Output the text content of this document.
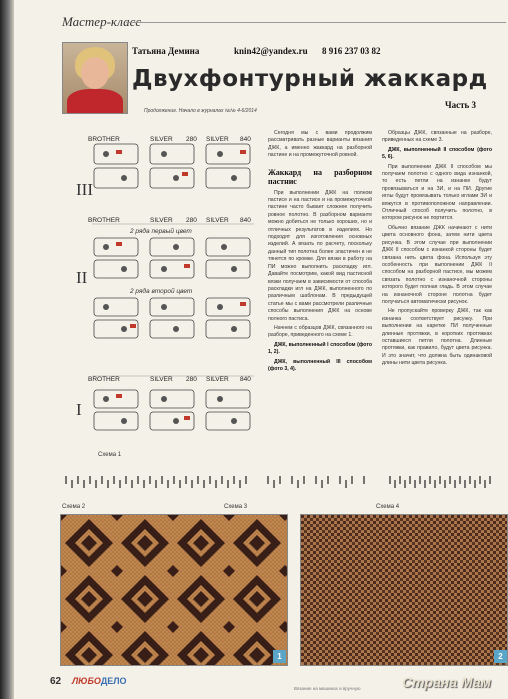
Мастер-класс
Татьяна Демина	knin42@yandex.ru 8 916 237 03 82
Двухфонтурный жаккард
Часть 3
Продолжение. Начало в журналах №№ 4-6/2014
BROTHER	SILVER 280 SILVER 840
III
BROTHER	SILVER 280 SILVER 840
2 ряда первый цвет
2 ряда второй цвет
II
BROTHER	SILVER 280 SILVER 840
I
Схема 1

Сегодня мы с вами продолжим рассматривать разные варианты вязания ДЖК, а именно жаккард на разборной пастине и на промежуточной ровной.

Жаккард на разборном пастнис

При выполнении ДЖК на полном пастисе и на пастисе и на промежуточной пастине часто бывает сложнее получить ровное полотно. В разборном варианте можно добиться не только хороших, но и отличных результатов в изделиях. Но подходят для изготовления основных изделий. А вязать по расчету, поскольку данный тип полотна более эластичен и не тянется по кромке. Для вязки в работу на ПИ можно выполнить раскладку игл. Давайте посмотрим, какой вид пастисной вязки получаем в зависимости от способа раскладки игл на ДЖК, выполненного по различным шаблонам. В предыдущей статье мы с вами рассмотрели различные способы выполнения ДЖК на основе полного пастиса.

Начнем с образцов ДЖК, связанного на разборе, приведенного на схеме 1.

ДЖК, выполненный I способом (фото 1, 2).

ДЖК, выполненный III способом (фото 3, 4).

Образцы ДЖК, связанные на разборе, приведенных на схеме 3.

ДЖК, выполненный II способом (фото 5, 6).

При выполнении ДЖК II способом мы получаем полотно с одного вида изнанкой, то есть петли на изнанке будут провязываться и на ЗИ, и на ПИ. Другие иглы будут провязывать только иглами ЗИ и вяжутся в противоположном направлении. Отличный способ получить полотно, в котором рисунок не портится.

Обычно вязание ДЖК начинают с нити цвета основного фона, затем нити цвета рисунка. В этом случае при выполнении ДЖК II способом с изнанкой стороны будет связана нить цвета фона. Используя эту особенность при выполнении ДЖК II способом на разборной пастисе, мы можем связать полотно с изнаночной стороны которого будет полная гладь. В этом случае на изнаночной стороне полотна будет получаться автоматически рисунок.

Не пропускайте проверку ДЖК, так как изнанка соответствует рисунку. При выполнении на каретке ПИ полученные длинные протяжки, в коротких протяжках оставшиеся петли полотна. Длинные протяжки, как правило, будут цвета рисунка. И это значит, что должна быть одинаковой длины нити цвета рисунка.

Схема 2	Схема 3	Схема 4
1	2
62 ЛЮБОДЕЛО
Вязание на машинах и вручную	Страна Мам
